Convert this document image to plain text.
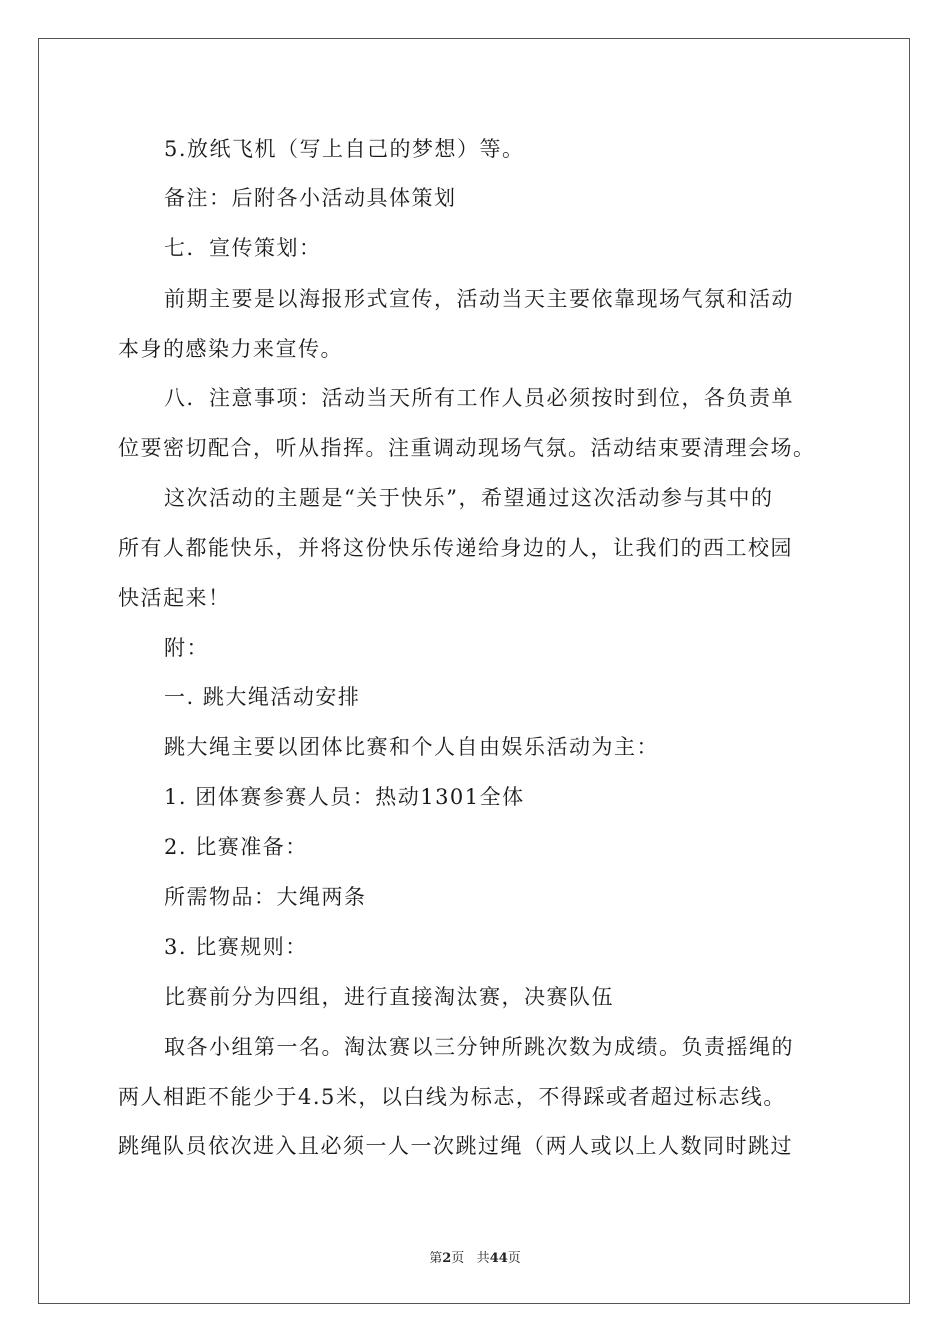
5.放纸飞机（写上自己的梦想）等。
备注：后附各小活动具体策划
七．宣传策划：
前期主要是以海报形式宣传，活动当天主要依靠现场气氛和活动
本身的感染力来宣传。
八．注意事项：活动当天所有工作人员必须按时到位，各负责单
位要密切配合，听从指挥。注重调动现场气氛。活动结束要清理会场。
这次活动的主题是“关于快乐”，希望通过这次活动参与其中的
所有人都能快乐，并将这份快乐传递给身边的人，让我们的西工校园
快活起来！
附：
一. 跳大绳活动安排
跳大绳主要以团体比赛和个人自由娱乐活动为主：
1. 团体赛参赛人员：热动1301全体
2. 比赛准备：
所需物品：大绳两条
3. 比赛规则：
比赛前分为四组，进行直接淘汰赛，决赛队伍
取各小组第一名。淘汰赛以三分钟所跳次数为成绩。负责摇绳的
两人相距不能少于4.5米，以白线为标志，不得踩或者超过标志线。
跳绳队员依次进入且必须一人一次跳过绳（两人或以上人数同时跳过
第2页 共44页
